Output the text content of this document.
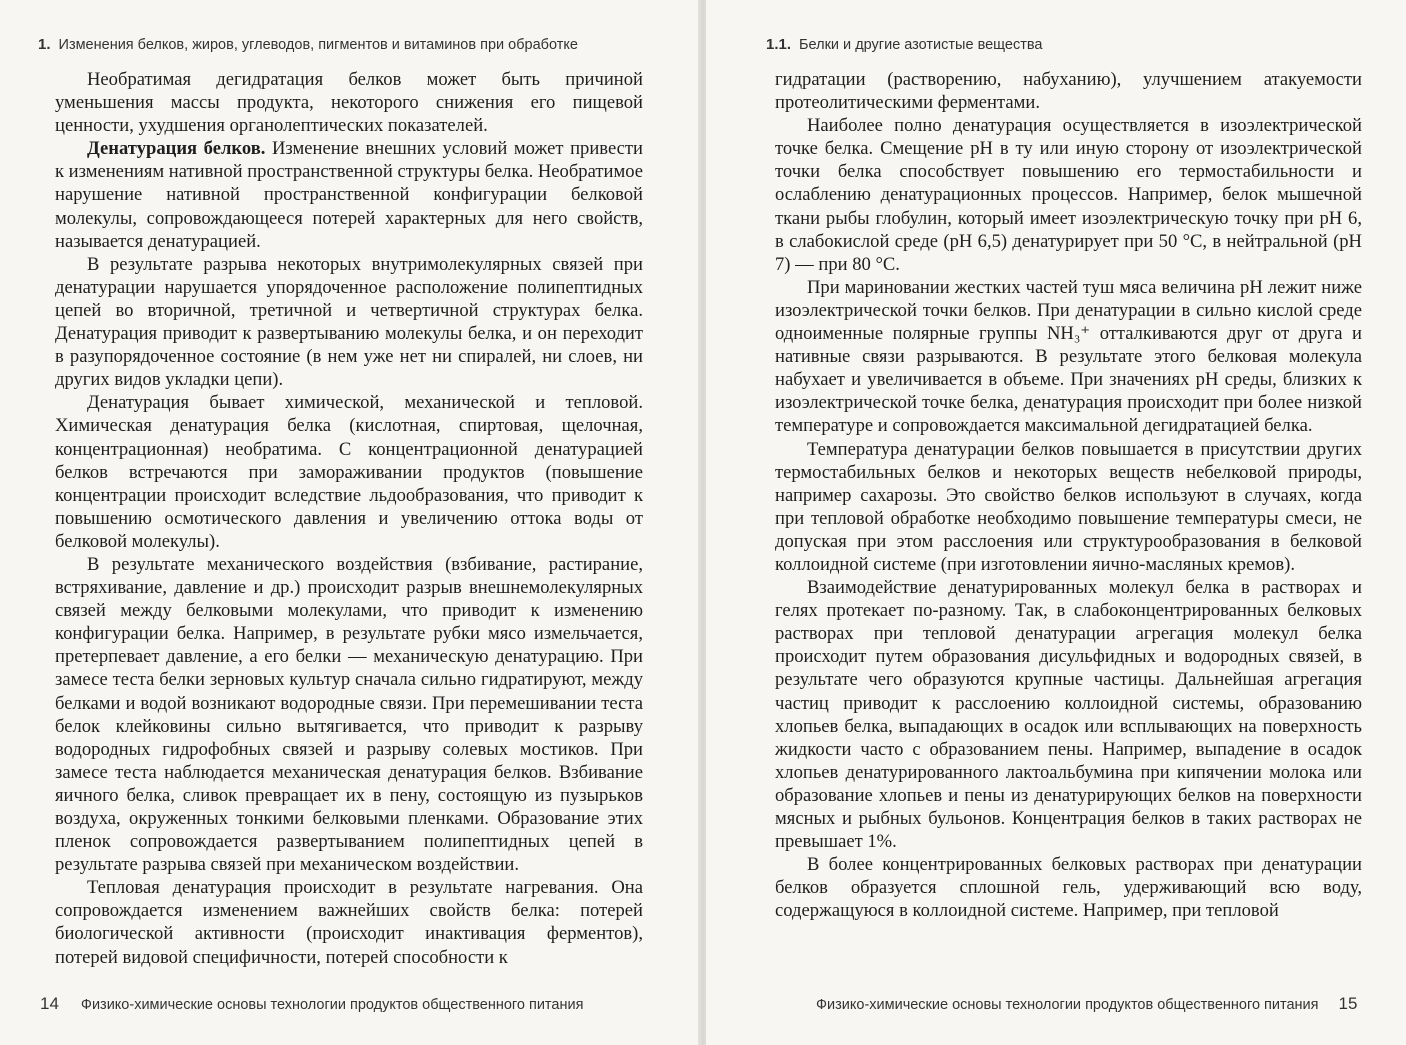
1. Изменения белков, жиров, углеводов, пигментов и витаминов при обработке

Необратимая дегидратация белков может быть причиной уменьшения массы продукта, некоторого снижения его пищевой ценности, ухудшения органолептических показателей.

Денатурация белков. Изменение внешних условий может привести к изменениям нативной пространственной структуры белка. Необратимое нарушение нативной пространственной конфигурации белковой молекулы, сопровождающееся потерей характерных для него свойств, называется денатурацией.

В результате разрыва некоторых внутримолекулярных связей при денатурации нарушается упорядоченное расположение полипептидных цепей во вторичной, третичной и четвертичной структурах белка. Денатурация приводит к развертыванию молекулы белка, и он переходит в разупорядоченное состояние (в нем уже нет ни спиралей, ни слоев, ни других видов укладки цепи).

Денатурация бывает химической, механической и тепловой. Химическая денатурация белка (кислотная, спиртовая, щелочная, концентрационная) необратима. С концентрационной денатурацией белков встречаются при замораживании продуктов (повышение концентрации происходит вследствие льдообразования, что приводит к повышению осмотического давления и увеличению оттока воды от белковой молекулы).

В результате механического воздействия (взбивание, растирание, встряхивание, давление и др.) происходит разрыв внешнемолекулярных связей между белковыми молекулами, что приводит к изменению конфигурации белка. Например, в результате рубки мясо измельчается, претерпевает давление, а его белки — механическую денатурацию. При замесе теста белки зерновых культур сначала сильно гидратируют, между белками и водой возникают водородные связи. При перемешивании теста белок клейковины сильно вытягивается, что приводит к разрыву водородных гидрофобных связей и разрыву солевых мостиков. При замесе теста наблюдается механическая денатурация белков. Взбивание яичного белка, сливок превращает их в пену, состоящую из пузырьков воздуха, окруженных тонкими белковыми пленками. Образование этих пленок сопровождается развертыванием полипептидных цепей в результате разрыва связей при механическом воздействии.

Тепловая денатурация происходит в результате нагревания. Она сопровождается изменением важнейших свойств белка: потерей биологической активности (происходит инактивация ферментов), потерей видовой специфичности, потерей способности к

14 Физико-химические основы технологии продуктов общественного питания
1.1. Белки и другие азотистые вещества

гидратации (растворению, набуханию), улучшением атакуемости протеолитическими ферментами.

Наиболее полно денатурация осуществляется в изоэлектрической точке белка. Смещение pH в ту или иную сторону от изоэлектрической точки белка способствует повышению его термостабильности и ослаблению денатурационных процессов. Например, белок мышечной ткани рыбы глобулин, который имеет изоэлектрическую точку при pH 6, в слабокислой среде (pH 6,5) денатурирует при 50 °C, в нейтральной (pH 7) — при 80 °C.

При мариновании жестких частей туш мяса величина pH лежит ниже изоэлектрической точки белков. При денатурации в сильно кислой среде одноименные полярные группы NH₃⁺ отталкиваются друг от друга и нативные связи разрываются. В результате этого белковая молекула набухает и увеличивается в объеме. При значениях pH среды, близких к изоэлектрической точке белка, денатурация происходит при более низкой температуре и сопровождается максимальной дегидратацией белка.

Температура денатурации белков повышается в присутствии других термостабильных белков и некоторых веществ небелковой природы, например сахарозы. Это свойство белков используют в случаях, когда при тепловой обработке необходимо повышение температуры смеси, не допуская при этом расслоения или структурообразования в белковой коллоидной системе (при изготовлении яично-масляных кремов).

Взаимодействие денатурированных молекул белка в растворах и гелях протекает по-разному. Так, в слабоконцентрированных белковых растворах при тепловой денатурации агрегация молекул белка происходит путем образования дисульфидных и водородных связей, в результате чего образуются крупные частицы. Дальнейшая агрегация частиц приводит к расслоению коллоидной системы, образованию хлопьев белка, выпадающих в осадок или всплывающих на поверхность жидкости часто с образованием пены. Например, выпадение в осадок хлопьев денатурированного лактоальбумина при кипячении молока или образование хлопьев и пены из денатурирующих белков на поверхности мясных и рыбных бульонов. Концентрация белков в таких растворах не превышает 1%.

В более концентрированных белковых растворах при денатурации белков образуется сплошной гель, удерживающий всю воду, содержащуюся в коллоидной системе. Например, при тепловой

Физико-химические основы технологии продуктов общественного питания 15
